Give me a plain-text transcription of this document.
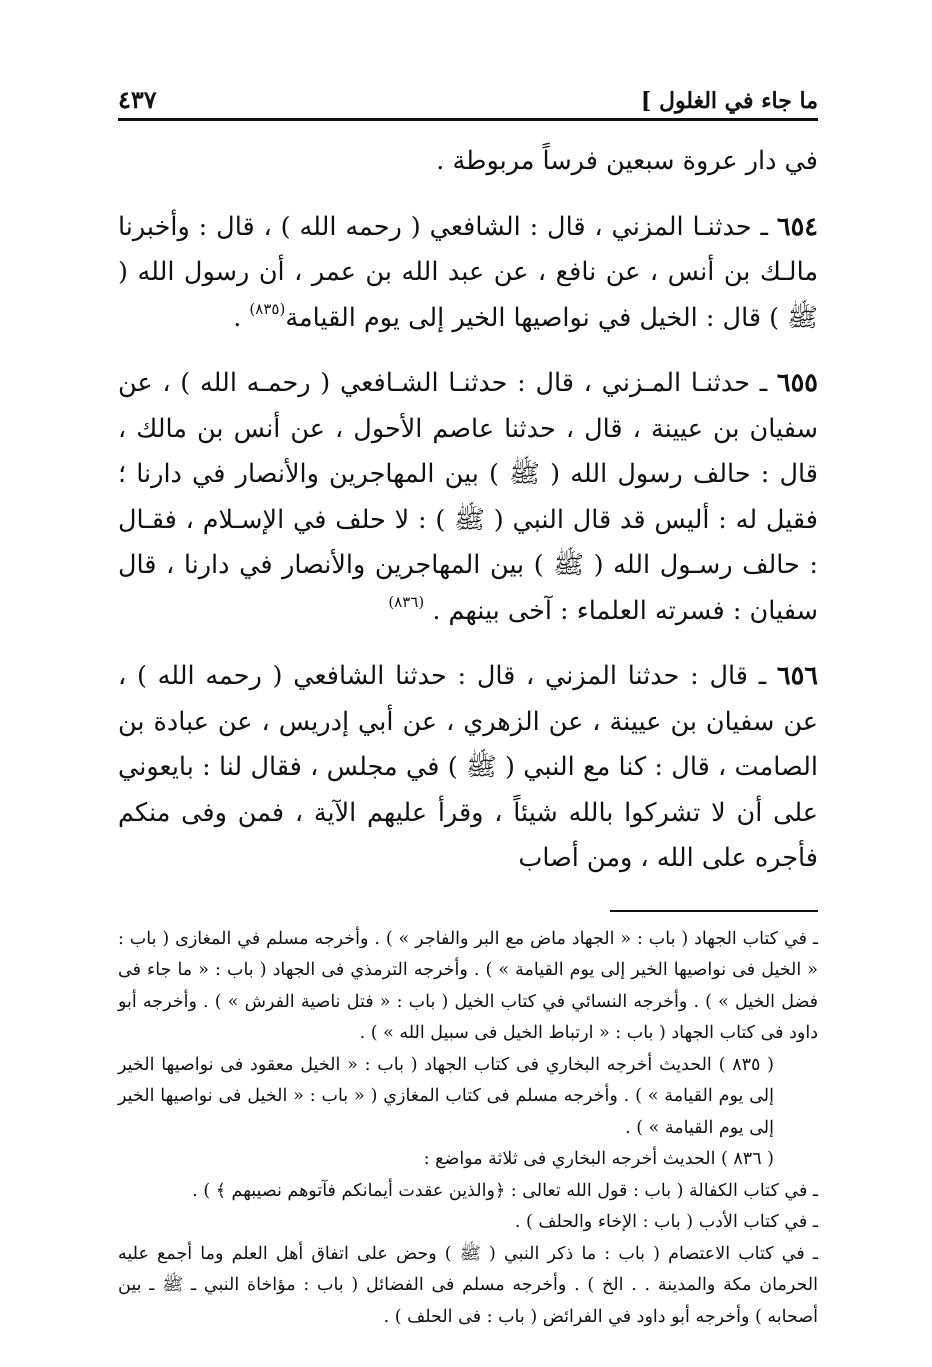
ما جاء في الغلول ]
٤٣٧

في دار عروة سبعين فرساً مربوطة .

٦٥٤ ـ حدثنـا المزني ، قال : الشافعي ( رحمه الله ) ، قال : وأخبرنا مالـك بن أنس ، عن نافع ، عن عبد الله بن عمر ، أن رسول الله ( ﷺ ) قال : الخيل في نواصيها الخير إلى يوم القيامة$^{(٨٣٥)}$ .

٦٥٥ ـ حدثنـا المـزني ، قال : حدثنـا الشـافعي ( رحمـه الله ) ، عن سفيان بن عيينة ، قال ، حدثنا عاصم الأحول ، عن أنس بن مالك ، قال : حالف رسول الله ( ﷺ ) بين المهاجرين والأنصار في دارنا ؛ فقيل له : أليس قد قال النبي ( ﷺ ) : لا حلف في الإسـلام ، فقـال : حالف رسـول الله ( ﷺ ) بين المهاجرين والأنصار في دارنا ، قال سفيان : فسرته العلماء : آخى بينهم . $^{(٨٣٦)}$

٦٥٦ ـ قال : حدثنا المزني ، قال : حدثنا الشافعي ( رحمه الله ) ، عن سفيان بن عيينة ، عن الزهري ، عن أبي إدريس ، عن عبادة بن الصامت ، قال : كنا مع النبي ( ﷺ ) في مجلس ، فقال لنا : بايعوني على أن لا تشركوا بالله شيئاً ، وقرأ عليهم الآية ، فمن وفى منكم فأجره على الله ، ومن أصاب

ـ في كتاب الجهاد ( باب : « الجهاد ماض مع البر والفاجر » ) . وأخرجه مسلم في المغازى ( باب : « الخيل فى نواصيها الخير إلى يوم القيامة » ) . وأخرجه الترمذي فى الجهاد ( باب : « ما جاء فى فضل الخيل » ) . وأخرجه النسائي في كتاب الخيل ( باب : « فتل ناصية الفرش » ) . وأخرجه أبو داود فى كتاب الجهاد ( باب : « ارتباط الخيل فى سبيل الله » ) .

( ٨٣٥ ) الحديث أخرجه البخاري فى كتاب الجهاد ( باب : « الخيل معقود فى نواصيها الخير إلى يوم القيامة » ) . وأخرجه مسلم فى كتاب المغازي ( « باب : « الخيل فى نواصيها الخير إلى يوم القيامة » ) .

( ٨٣٦ ) الحديث أخرجه البخاري فى ثلاثة مواضع :

ـ في كتاب الكفالة ( باب : قول الله تعالى : ﴿والذين عقدت أيمانكم فآتوهم نصيبهم ﴾ ) .

ـ في كتاب الأدب ( باب : الإخاء والحلف ) .

ـ في كتاب الاعتصام ( باب : ما ذكر النبي ( ﷺ ) وحض على اتفاق أهل العلم وما أجمع عليه الحرمان مكة والمدينة . . الخ ) . وأخرجه مسلم فى الفضائل ( باب : مؤاخاة النبي ـ ﷺ ـ بين أصحابه ) وأخرجه أبو داود في الفرائض ( باب : فى الحلف ) .
